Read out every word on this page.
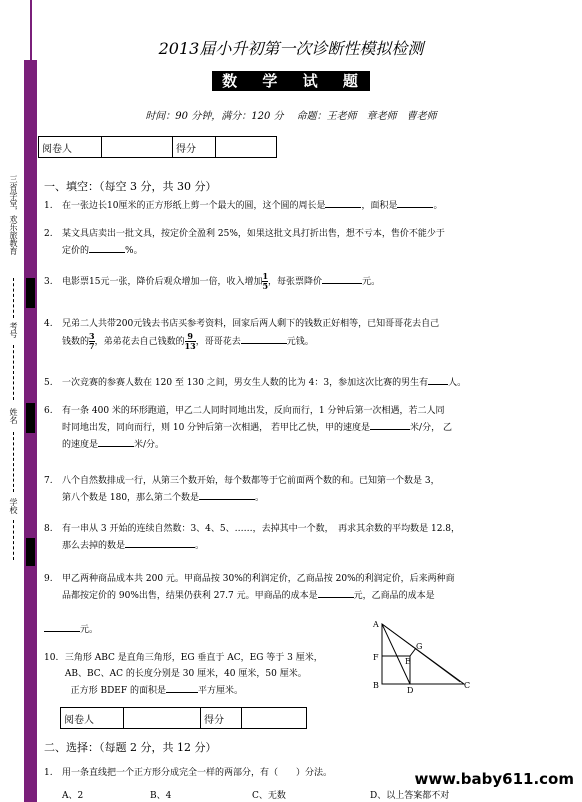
三省学堂，欢乐旅教育
考号
姓名
学校
2013届小升初第一次诊断性模拟检测
数 学 试 题
时间：90 分钟，满分：120 分　 命题：王老师　章老师　曹老师
阅卷人		得分	
一、填空：（每空 3 分，共 30 分）
1. 在一张边长10厘米的正方形纸上剪一个最大的圆，这个圆的周长是	，面积是	。
2. 某文具店卖出一批文具，按定价全盈利 25%，如果这批文具打折出售，想不亏本，售价不能少于
定价的	%。
3. 电影票15元一张，降价后观众增加一倍，收入增加 $\frac{1}{5}$ ，每张票降价	元。
4. 兄弟二人共带200元钱去书店买参考资料，回家后两人剩下的钱数正好相等，已知哥哥花去自己
钱数的 $\frac{3}{7}$ ，弟弟花去自己钱数的 $\frac{9}{13}$ ，哥哥花去	元钱。
5. 一次竞赛的参赛人数在 120 至 130 之间，男女生人数的比为 4：3，参加这次比赛的男生有 人。
6. 有一条 400 米的环形跑道，甲乙二人同时同地出发，反向而行，1 分钟后第一次相遇，若二人同
时同地出发，同向而行，则 10 分钟后第一次相遇， 若甲比乙快，甲的速度是	米/分， 乙
的速度是	米/分。
7. 八个自然数排成一行，从第三个数开始，每个数都等于它前面两个数的和。已知第一个数是 3，
第八个数是 180，那么第二个数是	。
8. 有一串从 3 开始的连续自然数：3、4、5、……，去掉其中一个数，　再求其余数的平均数是 12.8，
那么去掉的数是	。
9. 甲乙两种商品成本共 200 元。甲商品按 30%的利润定价，乙商品按 20%的利润定价，后来两种商
品都按定价的 90%出售，结果仍获利 27.7 元。甲商品的成本是	元，乙商品的成本是
元。
10. 三角形 ABC 是直角三角形，EG 垂直于 AC，EG 等于 3 厘米，
AB、BC、AC 的长度分别是 30 厘米，40 厘米，50 厘米。
正方形 BDEF 的面积是	平方厘米。
A
F
B
D
E
G
C
阅卷人		得分	
二、选择：（每题 2 分，共 12 分）
1. 用一条直线把一个正方形分成完全一样的两部分，有（　　）分法。
A、2	B、4	C、无数	D、以上答案都不对
www.baby611.com
